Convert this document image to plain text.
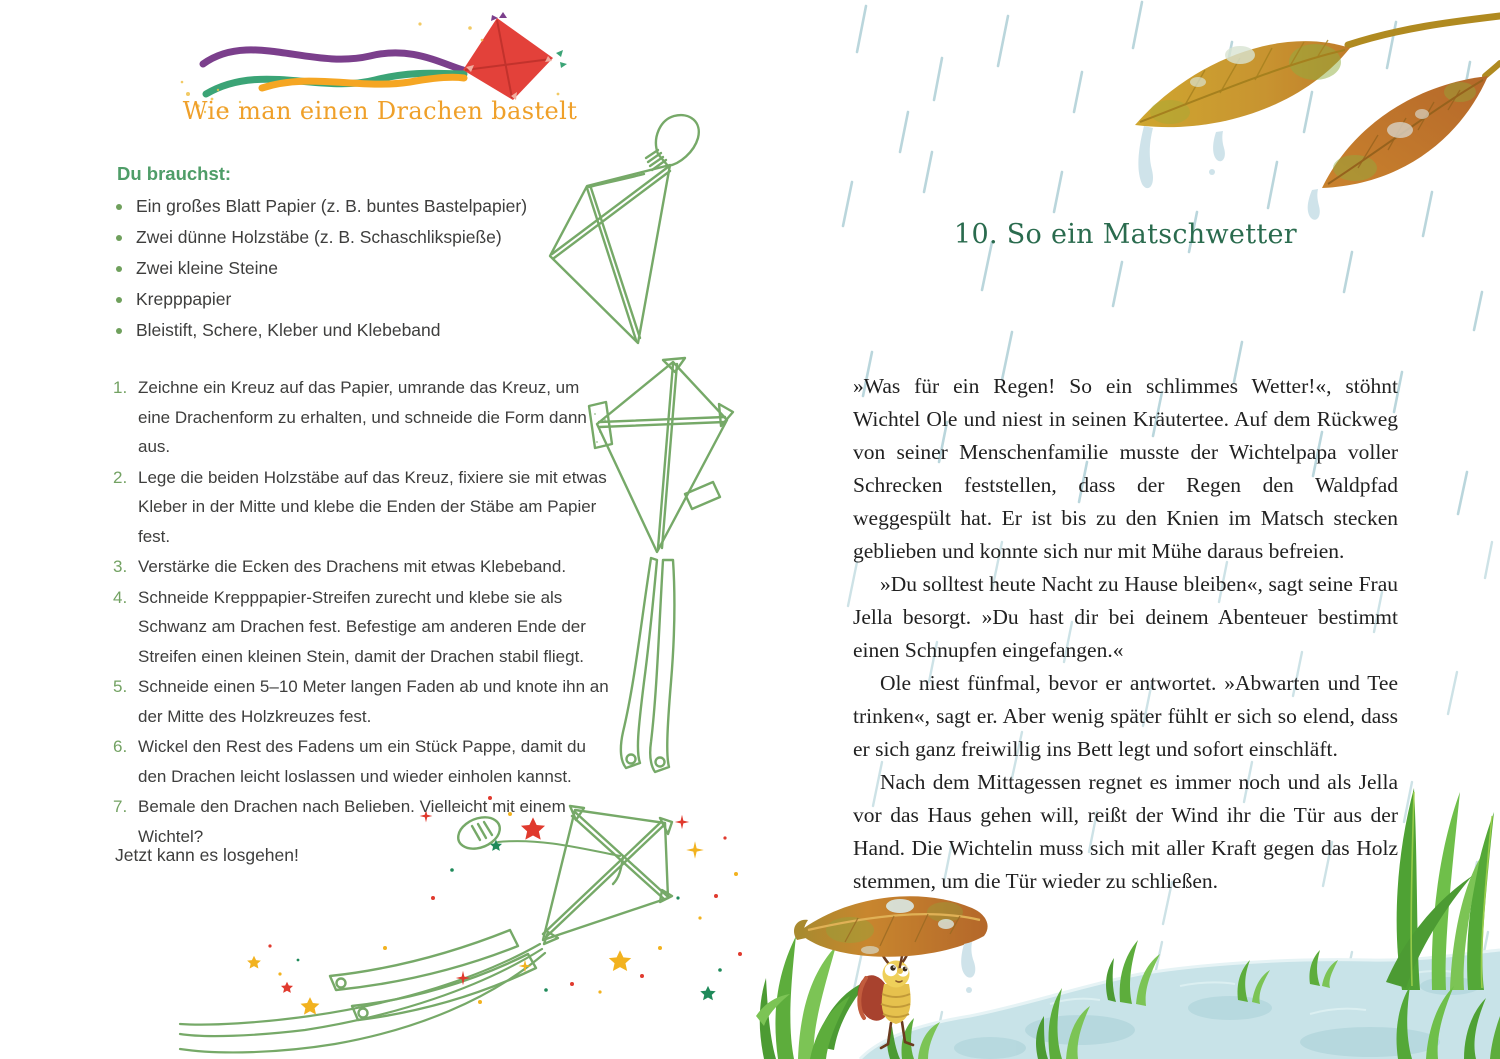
Wie man einen Drachen bastelt
Du brauchst:
Ein großes Blatt Papier (z. B. buntes Bastelpapier)
Zwei dünne Holzstäbe (z. B. Schaschlikspieße)
Zwei kleine Steine
Krepppapier
Bleistift, Schere, Kleber und Klebeband
1. Zeichne ein Kreuz auf das Papier, umrande das Kreuz, um eine Drachenform zu erhalten, und schneide die Form dann aus.
2. Lege die beiden Holzstäbe auf das Kreuz, fixiere sie mit etwas Kleber in der Mitte und klebe die Enden der Stäbe am Papier fest.
3. Verstärke die Ecken des Drachens mit etwas Klebeband.
4. Schneide Krepppapier-Streifen zurecht und klebe sie als Schwanz am Drachen fest. Befestige am anderen Ende der Streifen einen kleinen Stein, damit der Drachen stabil fliegt.
5. Schneide einen 5–10 Meter langen Faden ab und knote ihn an der Mitte des Holzkreuzes fest.
6. Wickel den Rest des Fadens um ein Stück Pappe, damit du den Drachen leicht loslassen und wieder einholen kannst.
7. Bemale den Drachen nach Belieben. Vielleicht mit einem Wichtel?

Jetzt kann es losgehen!

10. So ein Matschwetter

»Was für ein Regen! So ein schlimmes Wetter!«, stöhnt Wichtel Ole und niest in seinen Kräutertee. Auf dem Rückweg von seiner Menschenfamilie musste der Wichtelpapa voller Schrecken feststellen, dass der Regen den Waldpfad weggespült hat. Er ist bis zu den Knien im Matsch stecken geblieben und konnte sich nur mit Mühe daraus befreien.

»Du solltest heute Nacht zu Hause bleiben«, sagt seine Frau Jella besorgt. »Du hast dir bei deinem Abenteuer bestimmt einen Schnupfen eingefangen.«

Ole niest fünfmal, bevor er antwortet. »Abwarten und Tee trinken«, sagt er. Aber wenig später fühlt er sich so elend, dass er sich ganz freiwillig ins Bett legt und sofort einschläft.

Nach dem Mittagessen regnet es immer noch und als Jella vor das Haus gehen will, reißt der Wind ihr die Tür aus der Hand. Die Wichtelin muss sich mit aller Kraft gegen das Holz stemmen, um die Tür wieder zu schließen.
